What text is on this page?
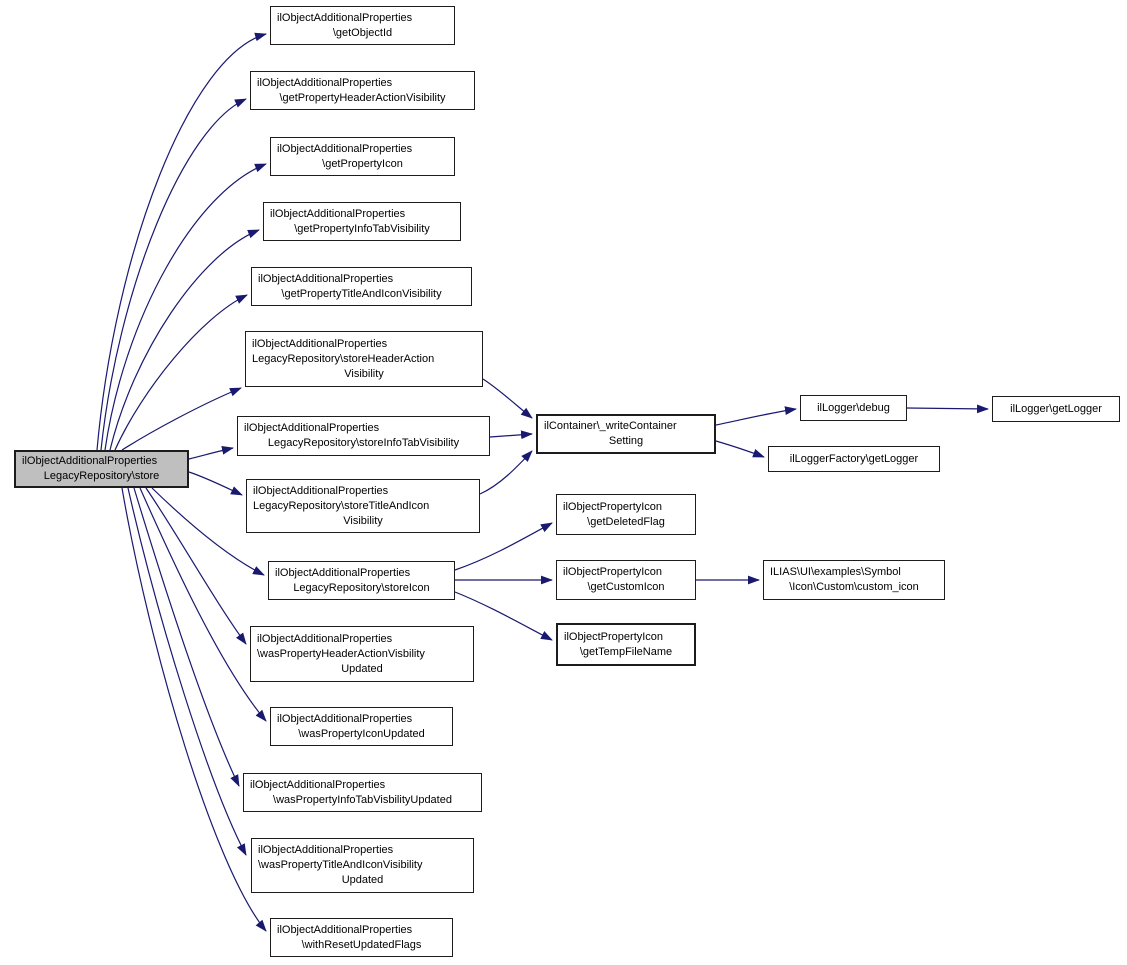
ilObjectAdditionalProperties
LegacyRepository\store
ilObjectAdditionalProperties
\getObjectId
ilObjectAdditionalProperties
\getPropertyHeaderActionVisibility
ilObjectAdditionalProperties
\getPropertyIcon
ilObjectAdditionalProperties
\getPropertyInfoTabVisibility
ilObjectAdditionalProperties
\getPropertyTitleAndIconVisibility
ilObjectAdditionalProperties
LegacyRepository\storeHeaderAction
Visibility
ilObjectAdditionalProperties
LegacyRepository\storeInfoTabVisibility
ilObjectAdditionalProperties
LegacyRepository\storeTitleAndIcon
Visibility
ilObjectAdditionalProperties
LegacyRepository\storeIcon
ilObjectAdditionalProperties
\wasPropertyHeaderActionVisbility
Updated
ilObjectAdditionalProperties
\wasPropertyIconUpdated
ilObjectAdditionalProperties
\wasPropertyInfoTabVisbilityUpdated
ilObjectAdditionalProperties
\wasPropertyTitleAndIconVisibility
Updated
ilObjectAdditionalProperties
\withResetUpdatedFlags
ilContainer\_writeContainer
Setting
ilLogger\debug
ilLoggerFactory\getLogger
ilLogger\getLogger
ilObjectPropertyIcon
\getDeletedFlag
ilObjectPropertyIcon
\getCustomIcon
ILIAS\UI\examples\Symbol
\Icon\Custom\custom_icon
ilObjectPropertyIcon
\getTempFileName
